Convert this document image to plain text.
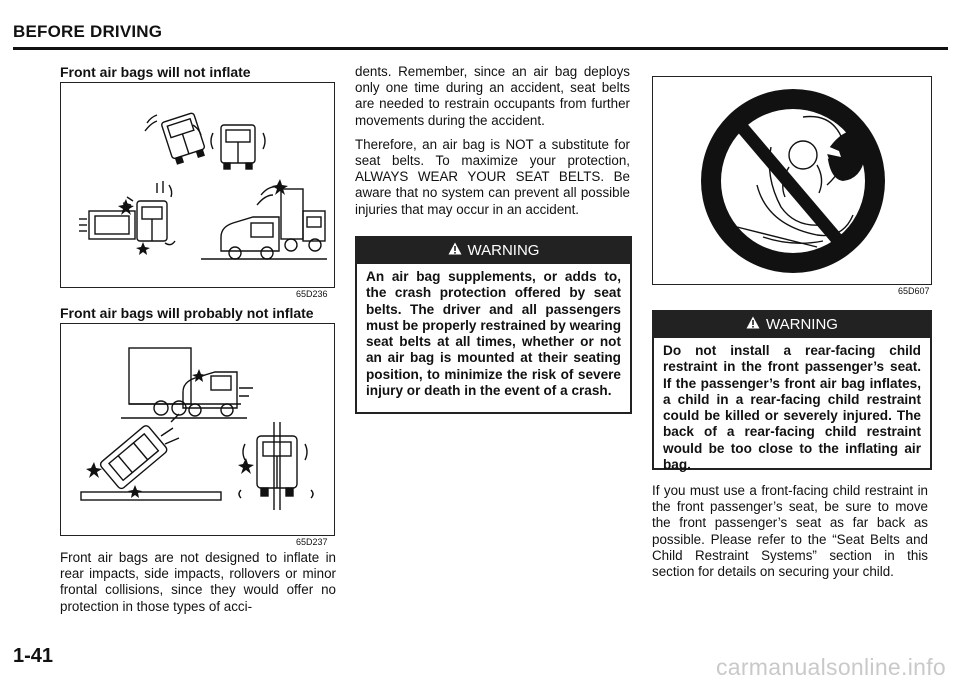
BEFORE DRIVING
Front air bags will not inflate
65D236
Front air bags will probably not inflate
65D237

Front air bags are not designed to inflate in rear impacts, side impacts, rollovers or minor frontal collisions, since they would offer no protection in those types of acci-

dents. Remember, since an air bag deploys only one time during an accident, seat belts are needed to restrain occupants from further movements during the accident.

Therefore, an air bag is NOT a substitute for seat belts. To maximize your protection, ALWAYS WEAR YOUR SEAT BELTS. Be aware that no system can prevent all possible injuries that may occur in an accident.

WARNING
An air bag supplements, or adds to, the crash protection offered by seat belts. The driver and all passengers must be properly restrained by wearing seat belts at all times, whether or not an air bag is mounted at their seating position, to minimize the risk of severe injury or death in the event of a crash.
65D607
WARNING
Do not install a rear-facing child restraint in the front passenger’s seat. If the passenger’s front air bag inflates, a child in a rear-facing child restraint could be killed or severely injured. The back of a rear-facing child restraint would be too close to the inflating air bag.

If you must use a front-facing child restraint in the front passenger’s seat, be sure to move the front passenger’s seat as far back as possible. Please refer to the “Seat Belts and Child Restraint Systems” section in this section for details on securing your child.

1-41	carmanualsonline.info
